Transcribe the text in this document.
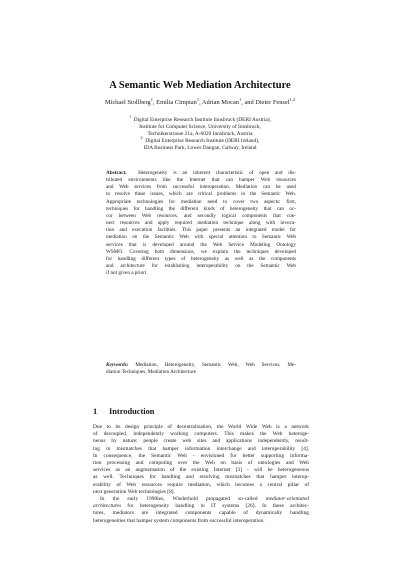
A Semantic Web Mediation Architecture
Michael Stollberg$^1$, Emilia Cimpian$^1$, Adrian Mocan$^1$, and Dieter Fensel$^{1,2}$
$^1$ Digital Enterprise Research Institute Innsbruck (DERI Austria),
Institute for Computer Science, University of Innsbruck,
Technikerstrasse 21a, A-6020 Innsbruck, Austria
$^2$ Digital Enterprise Research Institute (DERI Ireland),
IDA Business Park, Lower Dangan, Galway, Ireland
Abstract. Heterogeneity is an inherent characteristic of open and dis-
tributed environments like the Internet that can hamper Web resources
and Web services from successful interoperation. Mediation can be used
to resolve these issues, which are critical problems in the Semantic Web.
Appropriate technologies for mediation need to cover two aspects: first,
techniques for handling the different kinds of heterogeneity that can oc-
cur between Web resources, and secondly logical components that con-
nect resources and apply required mediation technique along with invoca-
tion and execution facilities. This paper presents an integrated model for
mediation on the Semantic Web with special attention to Semantic Web
services that is developed around the Web Service Modeling Ontology
WSMO. Covering both dimensions, we explain the techniques developed
for handling different types of heterogeneity as well as the components
and architecture for establishing interoperability on the Semantic Web
if not given a priori.
Keywords: Mediation, Heterogeneity, Semantic Web, Web Services, Me-
diation Techniques, Mediation Architecture
1 Introduction
Due to its design principle of decentralization, the World Wide Web is a network
of decoupled, independently working computers. This makes the Web heteroge-
neous by nature: people create web sites and applications independently, result-
ing in mismatches that hamper information interchange and interoperability [4].
In consequence, the Semantic Web - envisioned for better supporting informa-
tion processing and computing over the Web on basis of ontologies and Web
services as an augmentation of the existing Internet [3] - will be heterogeneous
as well. Techniques for handling and resolving mismatches that hamper interop-
erability of Web resources require mediation, which becomes a central pillar of
next generation Web technologies [8].
In the early 1990ies, Wiederhold propagated so-called mediator-orientated
architectures for heterogeneity handling in IT systems [26]. In these architec-
tures, mediators are integrated components capable of dynamically handling
heterogeneities that hamper system components from successful interoperation.
